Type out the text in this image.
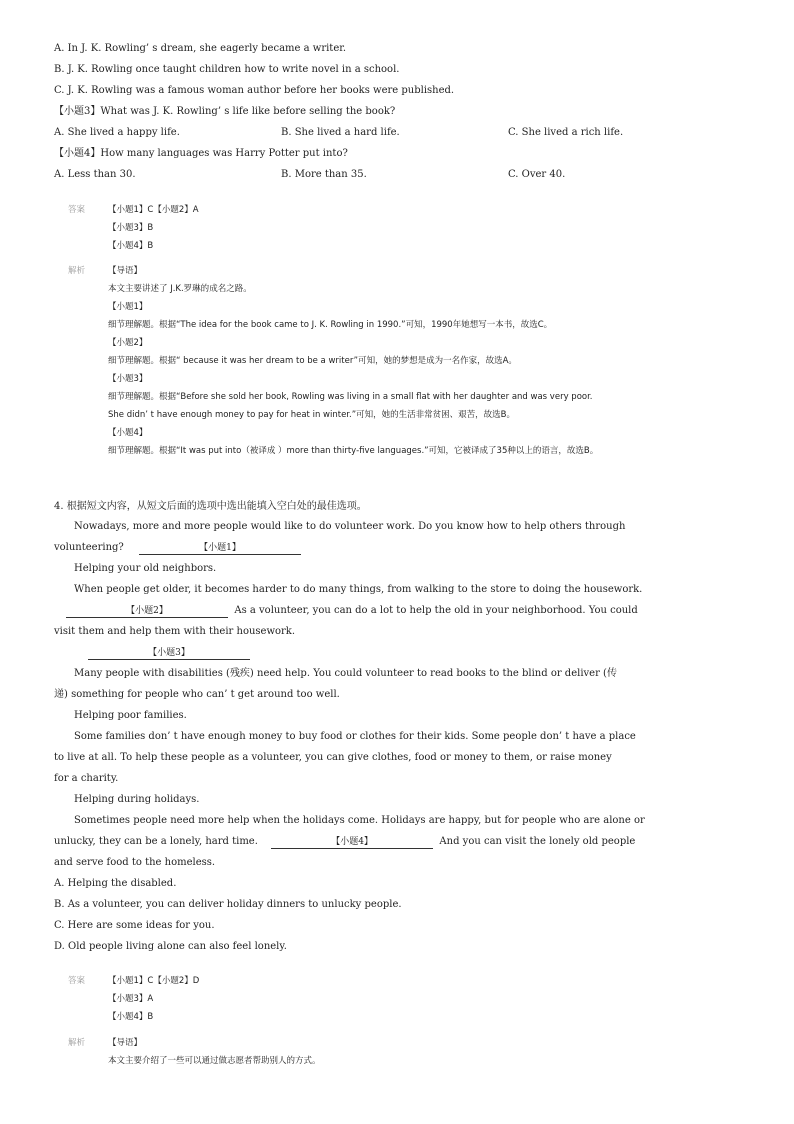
A. In J. K. Rowling’ s dream, she eagerly became a writer.
B. J. K. Rowling once taught children how to write novel in a school.
C. J. K. Rowling was a famous woman author before her books were published.
【小题3】What was J. K. Rowling’ s life like before selling the book?
A. She lived a happy life.	B. She lived a hard life.	C. She lived a rich life.
【小题4】How many languages was Harry Potter put into?
A. Less than 30.	B. More than 35.	C. Over 40.
答案	【小题1】C【小题2】A
【小题3】B
【小题4】B
解析	【导语】
本文主要讲述了 J.K.罗琳的成名之路。
【小题1】
细节理解题。根据“The idea for the book came to J. K. Rowling in 1990.”可知，1990年她想写一本书，故选C。
【小题2】
细节理解题。根据“ because it was her dream to be a writer”可知，她的梦想是成为一名作家，故选A。
【小题3】
细节理解题。根据“Before she sold her book, Rowling was living in a small flat with her daughter and was very poor.
She didn’ t have enough money to pay for heat in winter.”可知，她的生活非常贫困、艰苦，故选B。
【小题4】
细节理解题。根据“It was put into（被译成 ）more than thirty-five languages.”可知，它被译成了35种以上的语言，故选B。
4. 根据短文内容，从短文后面的选项中选出能填入空白处的最佳选项。
Nowadays, more and more people would like to do volunteer work. Do you know how to help others through
volunteering?	【小题1】
Helping your old neighbors.
When people get older, it becomes harder to do many things, from walking to the store to doing the housework.
【小题2】	As a volunteer, you can do a lot to help the old in your neighborhood. You could
visit them and help them with their housework.
【小题3】
Many people with disabilities (残疾) need help. You could volunteer to read books to the blind or deliver (传
递) something for people who can’ t get around too well.
Helping poor families.
Some families don’ t have enough money to buy food or clothes for their kids. Some people don’ t have a place
to live at all. To help these people as a volunteer, you can give clothes, food or money to them, or raise money
for a charity.
Helping during holidays.
Sometimes people need more help when the holidays come. Holidays are happy, but for people who are alone or
unlucky, they can be a lonely, hard time.	【小题4】	And you can visit the lonely old people
and serve food to the homeless.
A. Helping the disabled.
B. As a volunteer, you can deliver holiday dinners to unlucky people.
C. Here are some ideas for you.
D. Old people living alone can also feel lonely.
答案	【小题1】C【小题2】D
【小题3】A
【小题4】B
解析	【导语】
本文主要介绍了一些可以通过做志愿者帮助别人的方式。
